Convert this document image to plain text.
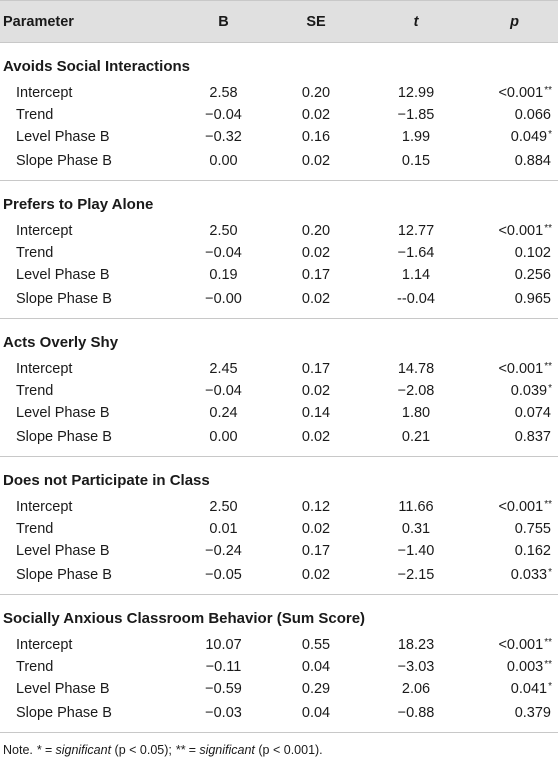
Parameter	B	SE	t	p
Avoids Social Interactions				
Intercept	2.58	0.20	12.99	<0.001**
Trend	−0.04	0.02	−1.85	0.066
Level Phase B	−0.32	0.16	1.99	0.049*
Slope Phase B	0.00	0.02	0.15	0.884
Prefers to Play Alone				
Intercept	2.50	0.20	12.77	<0.001**
Trend	−0.04	0.02	−1.64	0.102
Level Phase B	0.19	0.17	1.14	0.256
Slope Phase B	−0.00	0.02	--0.04	0.965
Acts Overly Shy				
Intercept	2.45	0.17	14.78	<0.001**
Trend	−0.04	0.02	−2.08	0.039*
Level Phase B	0.24	0.14	1.80	0.074
Slope Phase B	0.00	0.02	0.21	0.837
Does not Participate in Class				
Intercept	2.50	0.12	11.66	<0.001**
Trend	0.01	0.02	0.31	0.755
Level Phase B	−0.24	0.17	−1.40	0.162
Slope Phase B	−0.05	0.02	−2.15	0.033*
Socially Anxious Classroom Behavior (Sum Score)				
Intercept	10.07	0.55	18.23	<0.001**
Trend	−0.11	0.04	−3.03	0.003**
Level Phase B	−0.59	0.29	2.06	0.041*
Slope Phase B	−0.03	0.04	−0.88	0.379
Note. * = significant (p < 0.05); ** = significant (p < 0.001).
